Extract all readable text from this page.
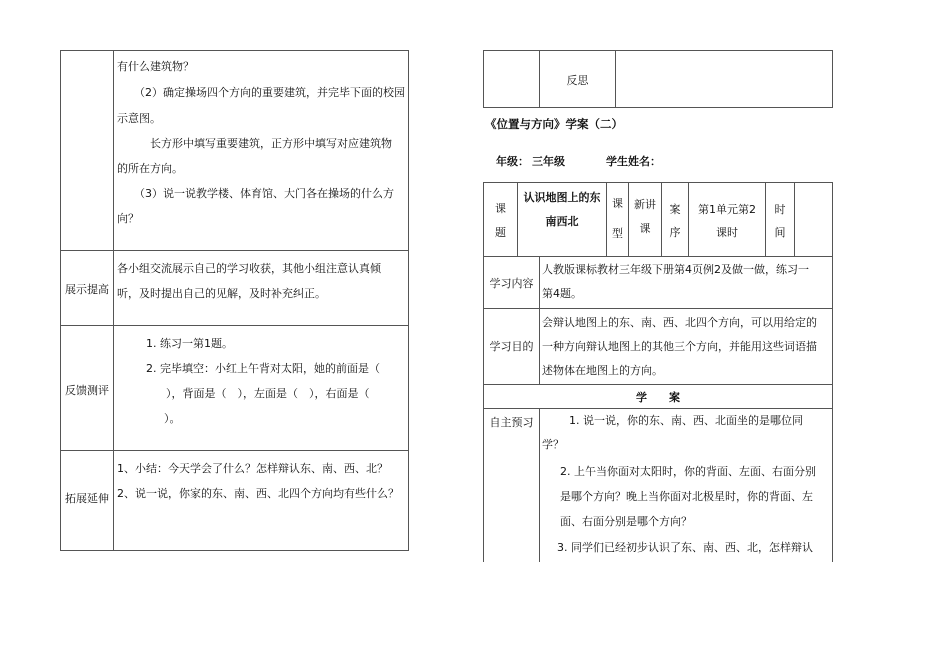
有什么建筑物？
（2）确定操场四个方向的重要建筑，并完毕下面的校园
示意图。
长方形中填写重要建筑，正方形中填写对应建筑物
的所在方向。
（3）说一说教学楼、体育馆、大门各在操场的什么方
向？
展示提高
各小组交流展示自己的学习收获，其他小组注意认真倾
听，及时提出自己的见解，及时补充纠正。
反馈测评
1. 练习一第1题。
2. 完毕填空：小红上午背对太阳，她的前面是（
），背面是（　），左面是（　），右面是（
）。
拓展延伸
1、小结：今天学会了什么？怎样辩认东、南、西、北？
2、说一说，你家的东、南、西、北四个方向均有些什么？
反思
《位置与方向》学案（二）
年级： 三年级	学生姓名：
课
题
认识地图上的东
南西北
课
型
新讲
课
案
序
第1单元第2
课时
时
间
学习内容
人教版课标教材三年级下册第4页例2及做一做，练习一
第4题。
学习目的
会辩认地图上的东、南、西、北四个方向，可以用给定的
一种方向辩认地图上的其他三个方向，并能用这些词语描
述物体在地图上的方向。
学　　案
自主预习	1. 说一说，你的东、南、西、北面坐的是哪位同
学？
2. 上午当你面对太阳时，你的背面、左面、右面分别
是哪个方向？晚上当你面对北极星时，你的背面、左
面、右面分别是哪个方向？
3. 同学们已经初步认识了东、南、西、北，怎样辩认
